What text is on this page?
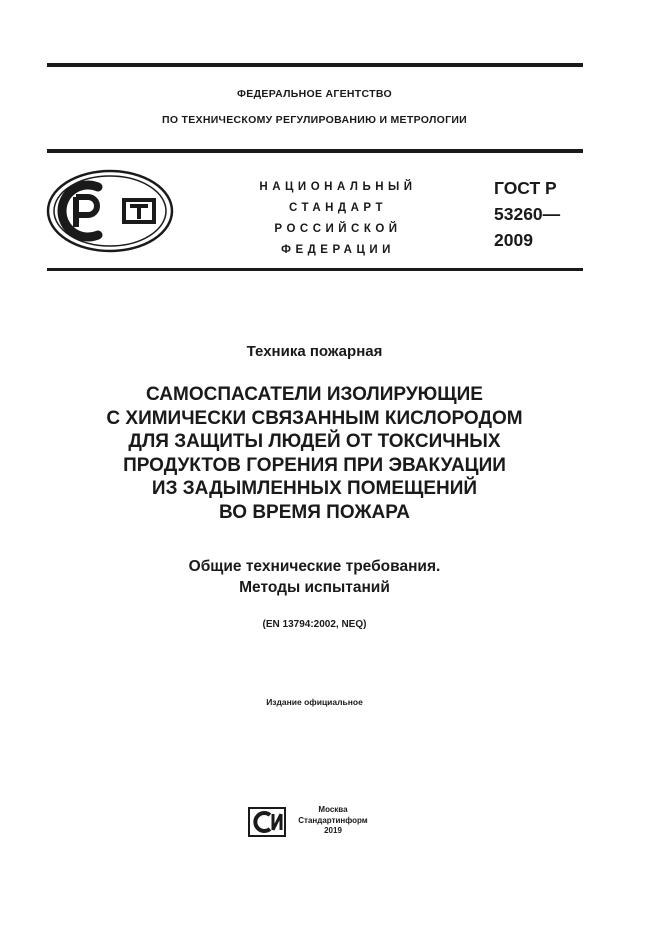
ФЕДЕРАЛЬНОЕ АГЕНТСТВО
ПО ТЕХНИЧЕСКОМУ РЕГУЛИРОВАНИЮ И МЕТРОЛОГИИ
НАЦИОНАЛЬНЫЙ
СТАНДАРТ
РОССИЙСКОЙ
ФЕДЕРАЦИИ
ГОСТ Р
53260—
2009
Техника пожарная
САМОСПАСАТЕЛИ ИЗОЛИРУЮЩИЕ
С ХИМИЧЕСКИ СВЯЗАННЫМ КИСЛОРОДОМ
ДЛЯ ЗАЩИТЫ ЛЮДЕЙ ОТ ТОКСИЧНЫХ
ПРОДУКТОВ ГОРЕНИЯ ПРИ ЭВАКУАЦИИ
ИЗ ЗАДЫМЛЕННЫХ ПОМЕЩЕНИЙ
ВО ВРЕМЯ ПОЖАРА
Общие технические требования.
Методы испытаний
(EN 13794:2002, NEQ)
Издание официальное
Москва
Стандартинформ
2019
